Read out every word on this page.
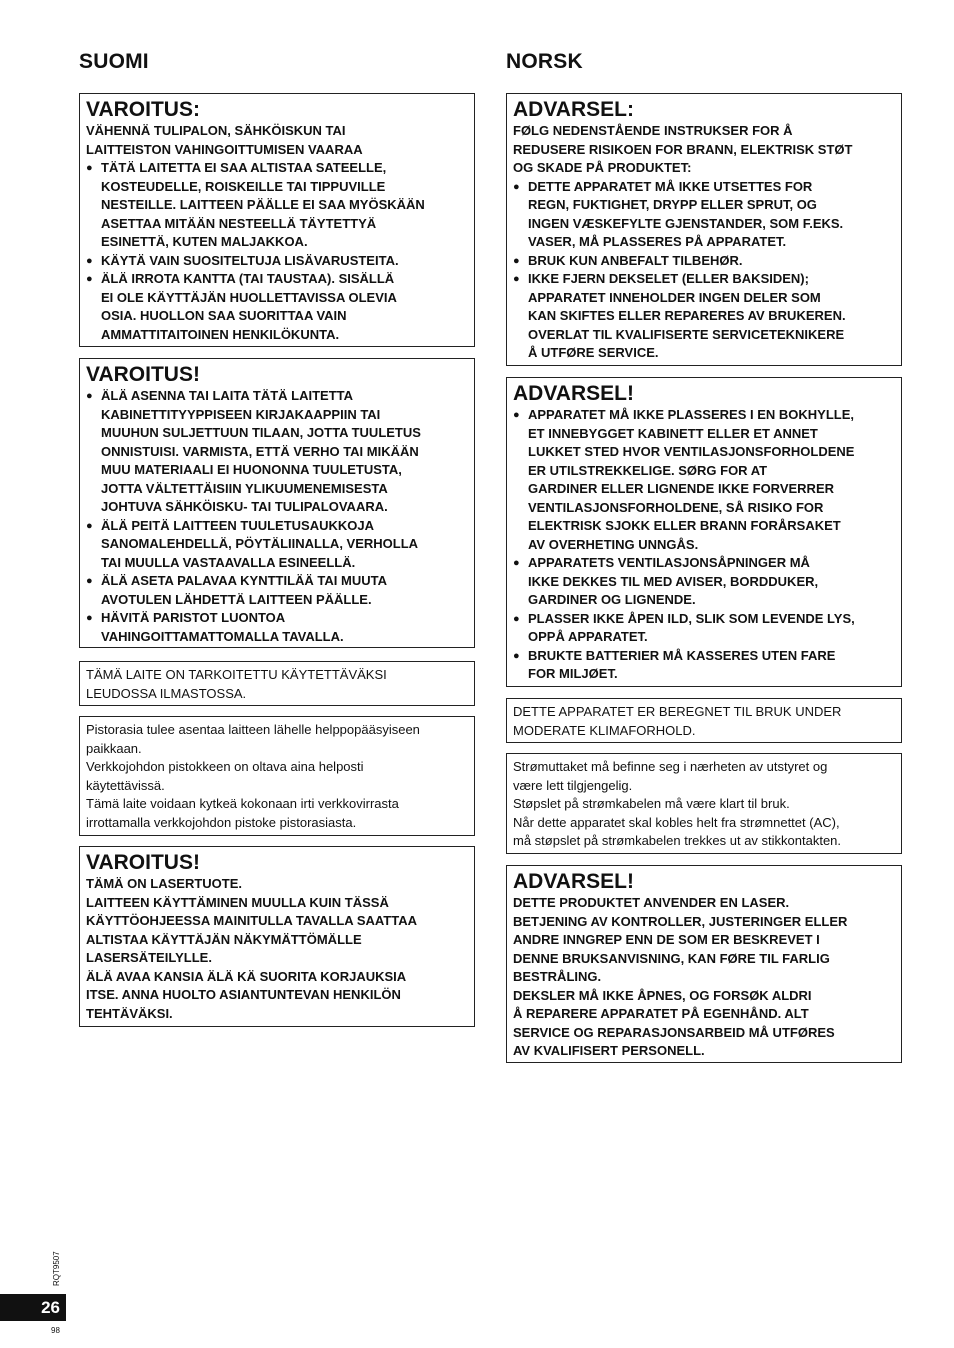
SUOMI
VAROITUS:
VÄHENNÄ TULIPALON, SÄHKÖISKUN TAI
LAITTEISTON VAHINGOITTUMISEN VAARAA
● TÄTÄ LAITETTA EI SAA ALTISTAA SATEELLE,
KOSTEUDELLE, ROISKEILLE TAI TIPPUVILLE
NESTEILLE. LAITTEEN PÄÄLLE EI SAA MYÖSKÄÄN
ASETTAA MITÄÄN NESTEELLÄ TÄYTETTYÄ
ESINETTÄ, KUTEN MALJAKKOA.
● KÄYTÄ VAIN SUOSITELTUJA LISÄVARUSTEITA.
● ÄLÄ IRROTA KANTTA (TAI TAUSTAA). SISÄLLÄ
EI OLE KÄYTTÄJÄN HUOLLETTAVISSA OLEVIA
OSIA. HUOLLON SAA SUORITTAA VAIN
AMMATTITAITOINEN HENKILÖKUNTA.
VAROITUS!
● ÄLÄ ASENNA TAI LAITA TÄTÄ LAITETTA
KABINETTITYYPPISEEN KIRJAKAAPPIIN TAI
MUUHUN SULJETTUUN TILAAN, JOTTA TUULETUS
ONNISTUISI. VARMISTA, ETTÄ VERHO TAI MIKÄÄN
MUU MATERIAALI EI HUONONNA TUULETUSTA,
JOTTA VÄLTETTÄISIIN YLIKUUMENEMISESTA
JOHTUVA SÄHKÖISKU- TAI TULIPALOVAARA.
● ÄLÄ PEITÄ LAITTEEN TUULETUSAUKKOJA
SANOMALEHDELLÄ, PÖYTÄLIINALLA, VERHOLLA
TAI MUULLA VASTAAVALLA ESINEELLÄ.
● ÄLÄ ASETA PALAVAA KYNTTILÄÄ TAI MUUTA
AVOTULEN LÄHDETTÄ LAITTEEN PÄÄLLE.
● HÄVITÄ PARISTOT LUONTOA
VAHINGOITTAMATTOMALLA TAVALLA.
TÄMÄ LAITE ON TARKOITETTU KÄYTETTÄVÄKSI
LEUDOSSA ILMASTOSSA.
Pistorasia tulee asentaa laitteen lähelle helppopääsyiseen
paikkaan.
Verkkojohdon pistokkeen on oltava aina helposti
käytettävissä.
Tämä laite voidaan kytkeä kokonaan irti verkkovirrasta
irrottamalla verkkojohdon pistoke pistorasiasta.
VAROITUS!
TÄMÄ ON LASERTUOTE.
LAITTEEN KÄYTTÄMINEN MUULLA KUIN TÄSSÄ
KÄYTTÖOHJEESSA MAINITULLA TAVALLA SAATTAA
ALTISTAA KÄYTTÄJÄN NÄKYMÄTTÖMÄLLE
LASERSÄTEILYLLE.
ÄLÄ AVAA KANSIA ÄLÄ KÄ SUORITA KORJAUKSIA
ITSE. ANNA HUOLTO ASIANTUNTEVAN HENKILÖN
TEHTÄVÄKSI.
NORSK
ADVARSEL:
FØLG NEDENSTÅENDE INSTRUKSER FOR Å
REDUSERE RISIKOEN FOR BRANN, ELEKTRISK STØT
OG SKADE PÅ PRODUKTET:
● DETTE APPARATET MÅ IKKE UTSETTES FOR
REGN, FUKTIGHET, DRYPP ELLER SPRUT, OG
INGEN VÆSKEFYLTE GJENSTANDER, SOM F.EKS.
VASER, MÅ PLASSERES PÅ APPARATET.
● BRUK KUN ANBEFALT TILBEHØR.
● IKKE FJERN DEKSELET (ELLER BAKSIDEN);
APPARATET INNEHOLDER INGEN DELER SOM
KAN SKIFTES ELLER REPARERES AV BRUKEREN.
OVERLAT TIL KVALIFISERTE SERVICETEKNIKERE
Å UTFØRE SERVICE.
ADVARSEL!
● APPARATET MÅ IKKE PLASSERES I EN BOKHYLLE,
ET INNEBYGGET KABINETT ELLER ET ANNET
LUKKET STED HVOR VENTILASJONSFORHOLDENE
ER UTILSTREKKELIGE. SØRG FOR AT
GARDINER ELLER LIGNENDE IKKE FORVERRER
VENTILASJONSFORHOLDENE, SÅ RISIKO FOR
ELEKTRISK SJOKK ELLER BRANN FORÅRSAKET
AV OVERHETING UNNGÅS.
● APPARATETS VENTILASJONSÅPNINGER MÅ
IKKE DEKKES TIL MED AVISER, BORDDUKER,
GARDINER OG LIGNENDE.
● PLASSER IKKE ÅPEN ILD, SLIK SOM LEVENDE LYS,
OPPÅ APPARATET.
● BRUKTE BATTERIER MÅ KASSERES UTEN FARE
FOR MILJØET.
DETTE APPARATET ER BEREGNET TIL BRUK UNDER
MODERATE KLIMAFORHOLD.
Strømuttaket må befinne seg i nærheten av utstyret og
være lett tilgjengelig.
Støpslet på strømkabelen må være klart til bruk.
Når dette apparatet skal kobles helt fra strømnettet (AC),
må støpslet på strømkabelen trekkes ut av stikkontakten.
ADVARSEL!
DETTE PRODUKTET ANVENDER EN LASER.
BETJENING AV KONTROLLER, JUSTERINGER ELLER
ANDRE INNGREP ENN DE SOM ER BESKREVET I
DENNE BRUKSANVISNING, KAN FØRE TIL FARLIG
BESTRÅLING.
DEKSLER MÅ IKKE ÅPNES, OG FORSØK ALDRI
Å REPARERE APPARATET PÅ EGENHÅND. ALT
SERVICE OG REPARASJONSARBEID MÅ UTFØRES
AV KVALIFISERT PERSONELL.
RQT9507
26
98
